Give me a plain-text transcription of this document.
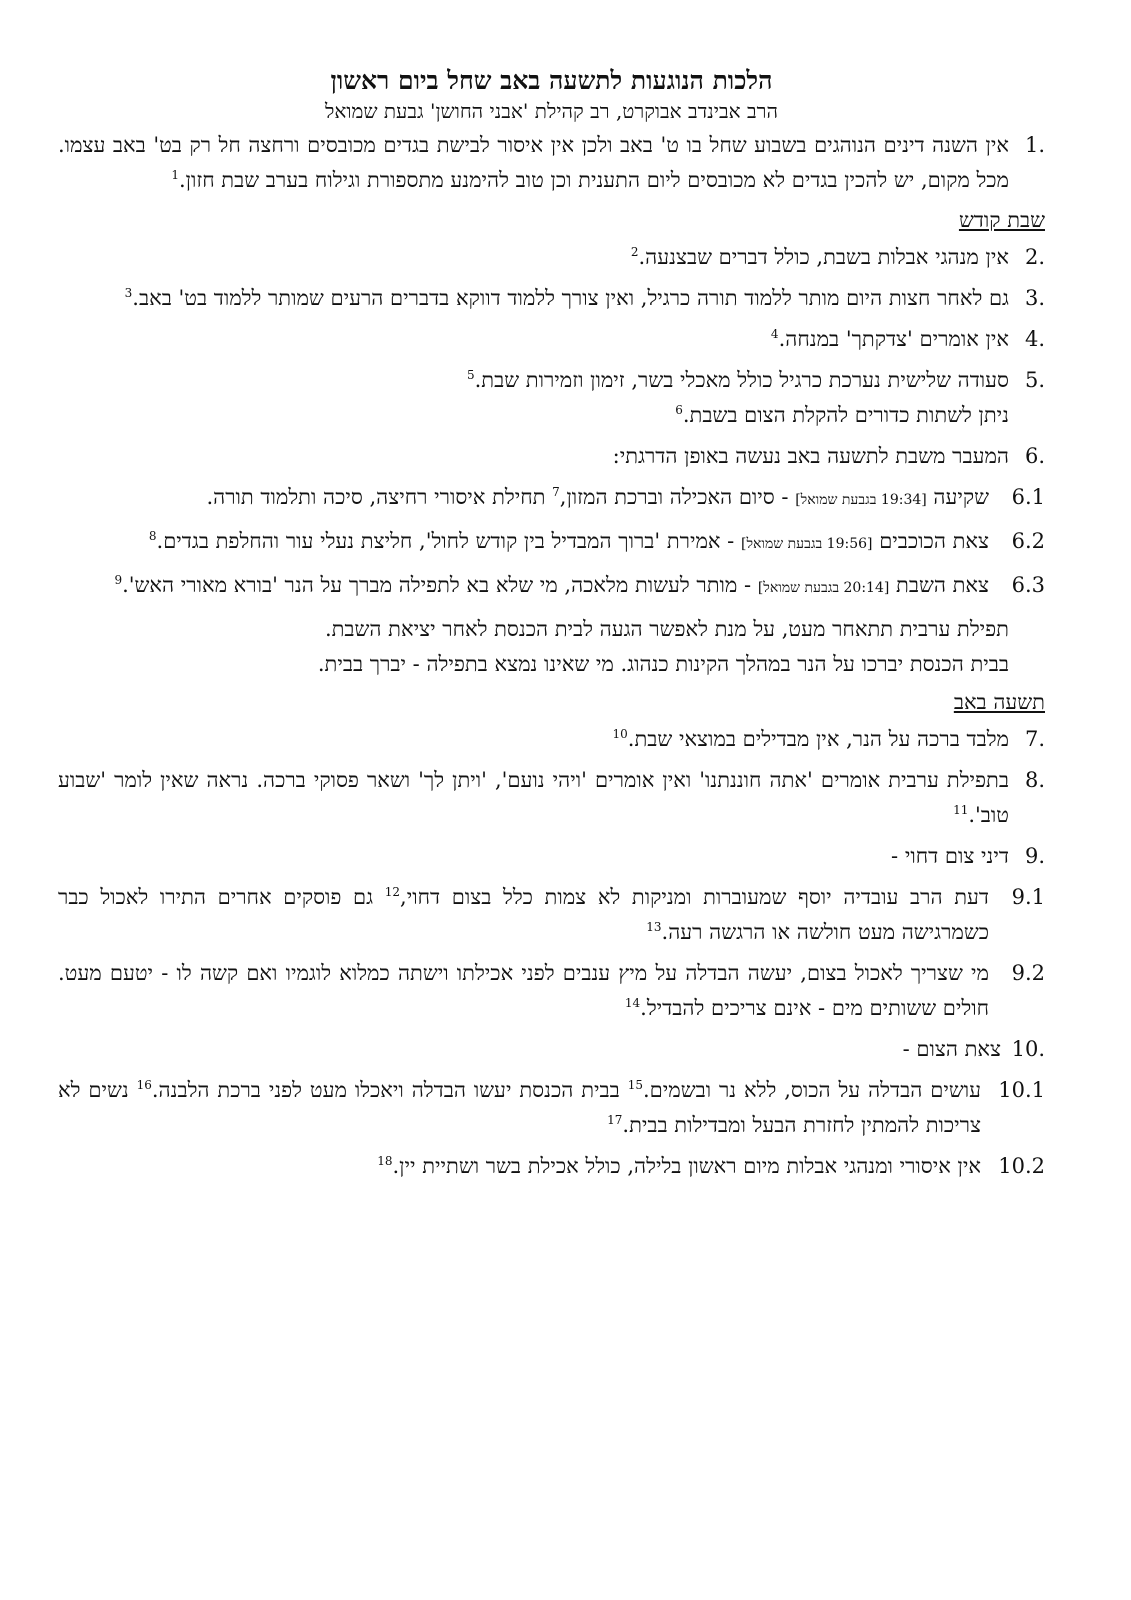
הלכות הנוגעות לתשעה באב שחל ביום ראשון

הרב אבינדב אבוקרט, רב קהילת 'אבני החושן' גבעת שמואל

1.
אין השנה דינים הנוהגים בשבוע שחל בו ט' באב ולכן אין איסור לבישת בגדים מכובסים ורחצה חל רק בט' באב עצמו. מכל מקום, יש להכין בגדים לא מכובסים ליום התענית וכן טוב להימנע מתספורת וגילוח בערב שבת חזון.$^1$
שבת קודש
2.
אין מנהגי אבלות בשבת, כולל דברים שבצנעה.$^2$
3.
גם לאחר חצות היום מותר ללמוד תורה כרגיל, ואין צורך ללמוד דווקא בדברים הרעים שמותר ללמוד בט' באב.$^3$
4.
אין אומרים 'צדקתך' במנחה.$^4$
5.
סעודה שלישית נערכת כרגיל כולל מאכלי בשר, זימון וזמירות שבת.$^5$
ניתן לשתות כדורים להקלת הצום בשבת.$^6$
6.
המעבר משבת לתשעה באב נעשה באופן הדרגתי:
6.1
שקיעה [19:34 בגבעת שמואל] - סיום האכילה וברכת המזון,$^7$ תחילת איסורי רחיצה, סיכה ותלמוד תורה.
6.2
צאת הכוכבים [19:56 בגבעת שמואל] - אמירת 'ברוך המבדיל בין קודש לחול', חליצת נעלי עור והחלפת בגדים.$^8$
6.3
צאת השבת [20:14 בגבעת שמואל] - מותר לעשות מלאכה, מי שלא בא לתפילה מברך על הנר 'בורא מאורי האש'.$^9$
תפילת ערבית תתאחר מעט, על מנת לאפשר הגעה לבית הכנסת לאחר יציאת השבת.
בבית הכנסת יברכו על הנר במהלך הקינות כנהוג. מי שאינו נמצא בתפילה - יברך בבית.
תשעה באב
7.
מלבד ברכה על הנר, אין מבדילים במוצאי שבת.$^{10}$
8.
בתפילת ערבית אומרים 'אתה חוננתנו' ואין אומרים 'ויהי נועם', 'ויתן לך' ושאר פסוקי ברכה. נראה שאין לומר 'שבוע טוב'.$^{11}$
9.
דיני צום דחוי -
9.1
דעת הרב עובדיה יוסף שמעוברות ומניקות לא צמות כלל בצום דחוי,$^{12}$ גם פוסקים אחרים התירו לאכול כבר כשמרגישה מעט חולשה או הרגשה רעה.$^{13}$
9.2
מי שצריך לאכול בצום, יעשה הבדלה על מיץ ענבים לפני אכילתו וישתה כמלוא לוגמיו ואם קשה לו - יטעם מעט. חולים ששותים מים - אינם צריכים להבדיל.$^{14}$
10.
צאת הצום -
10.1
עושים הבדלה על הכוס, ללא נר ובשמים.$^{15}$ בבית הכנסת יעשו הבדלה ויאכלו מעט לפני ברכת הלבנה.$^{16}$ נשים לא צריכות להמתין לחזרת הבעל ומבדילות בבית.$^{17}$
10.2
אין איסורי ומנהגי אבלות מיום ראשון בלילה, כולל אכילת בשר ושתיית יין.$^{18}$
